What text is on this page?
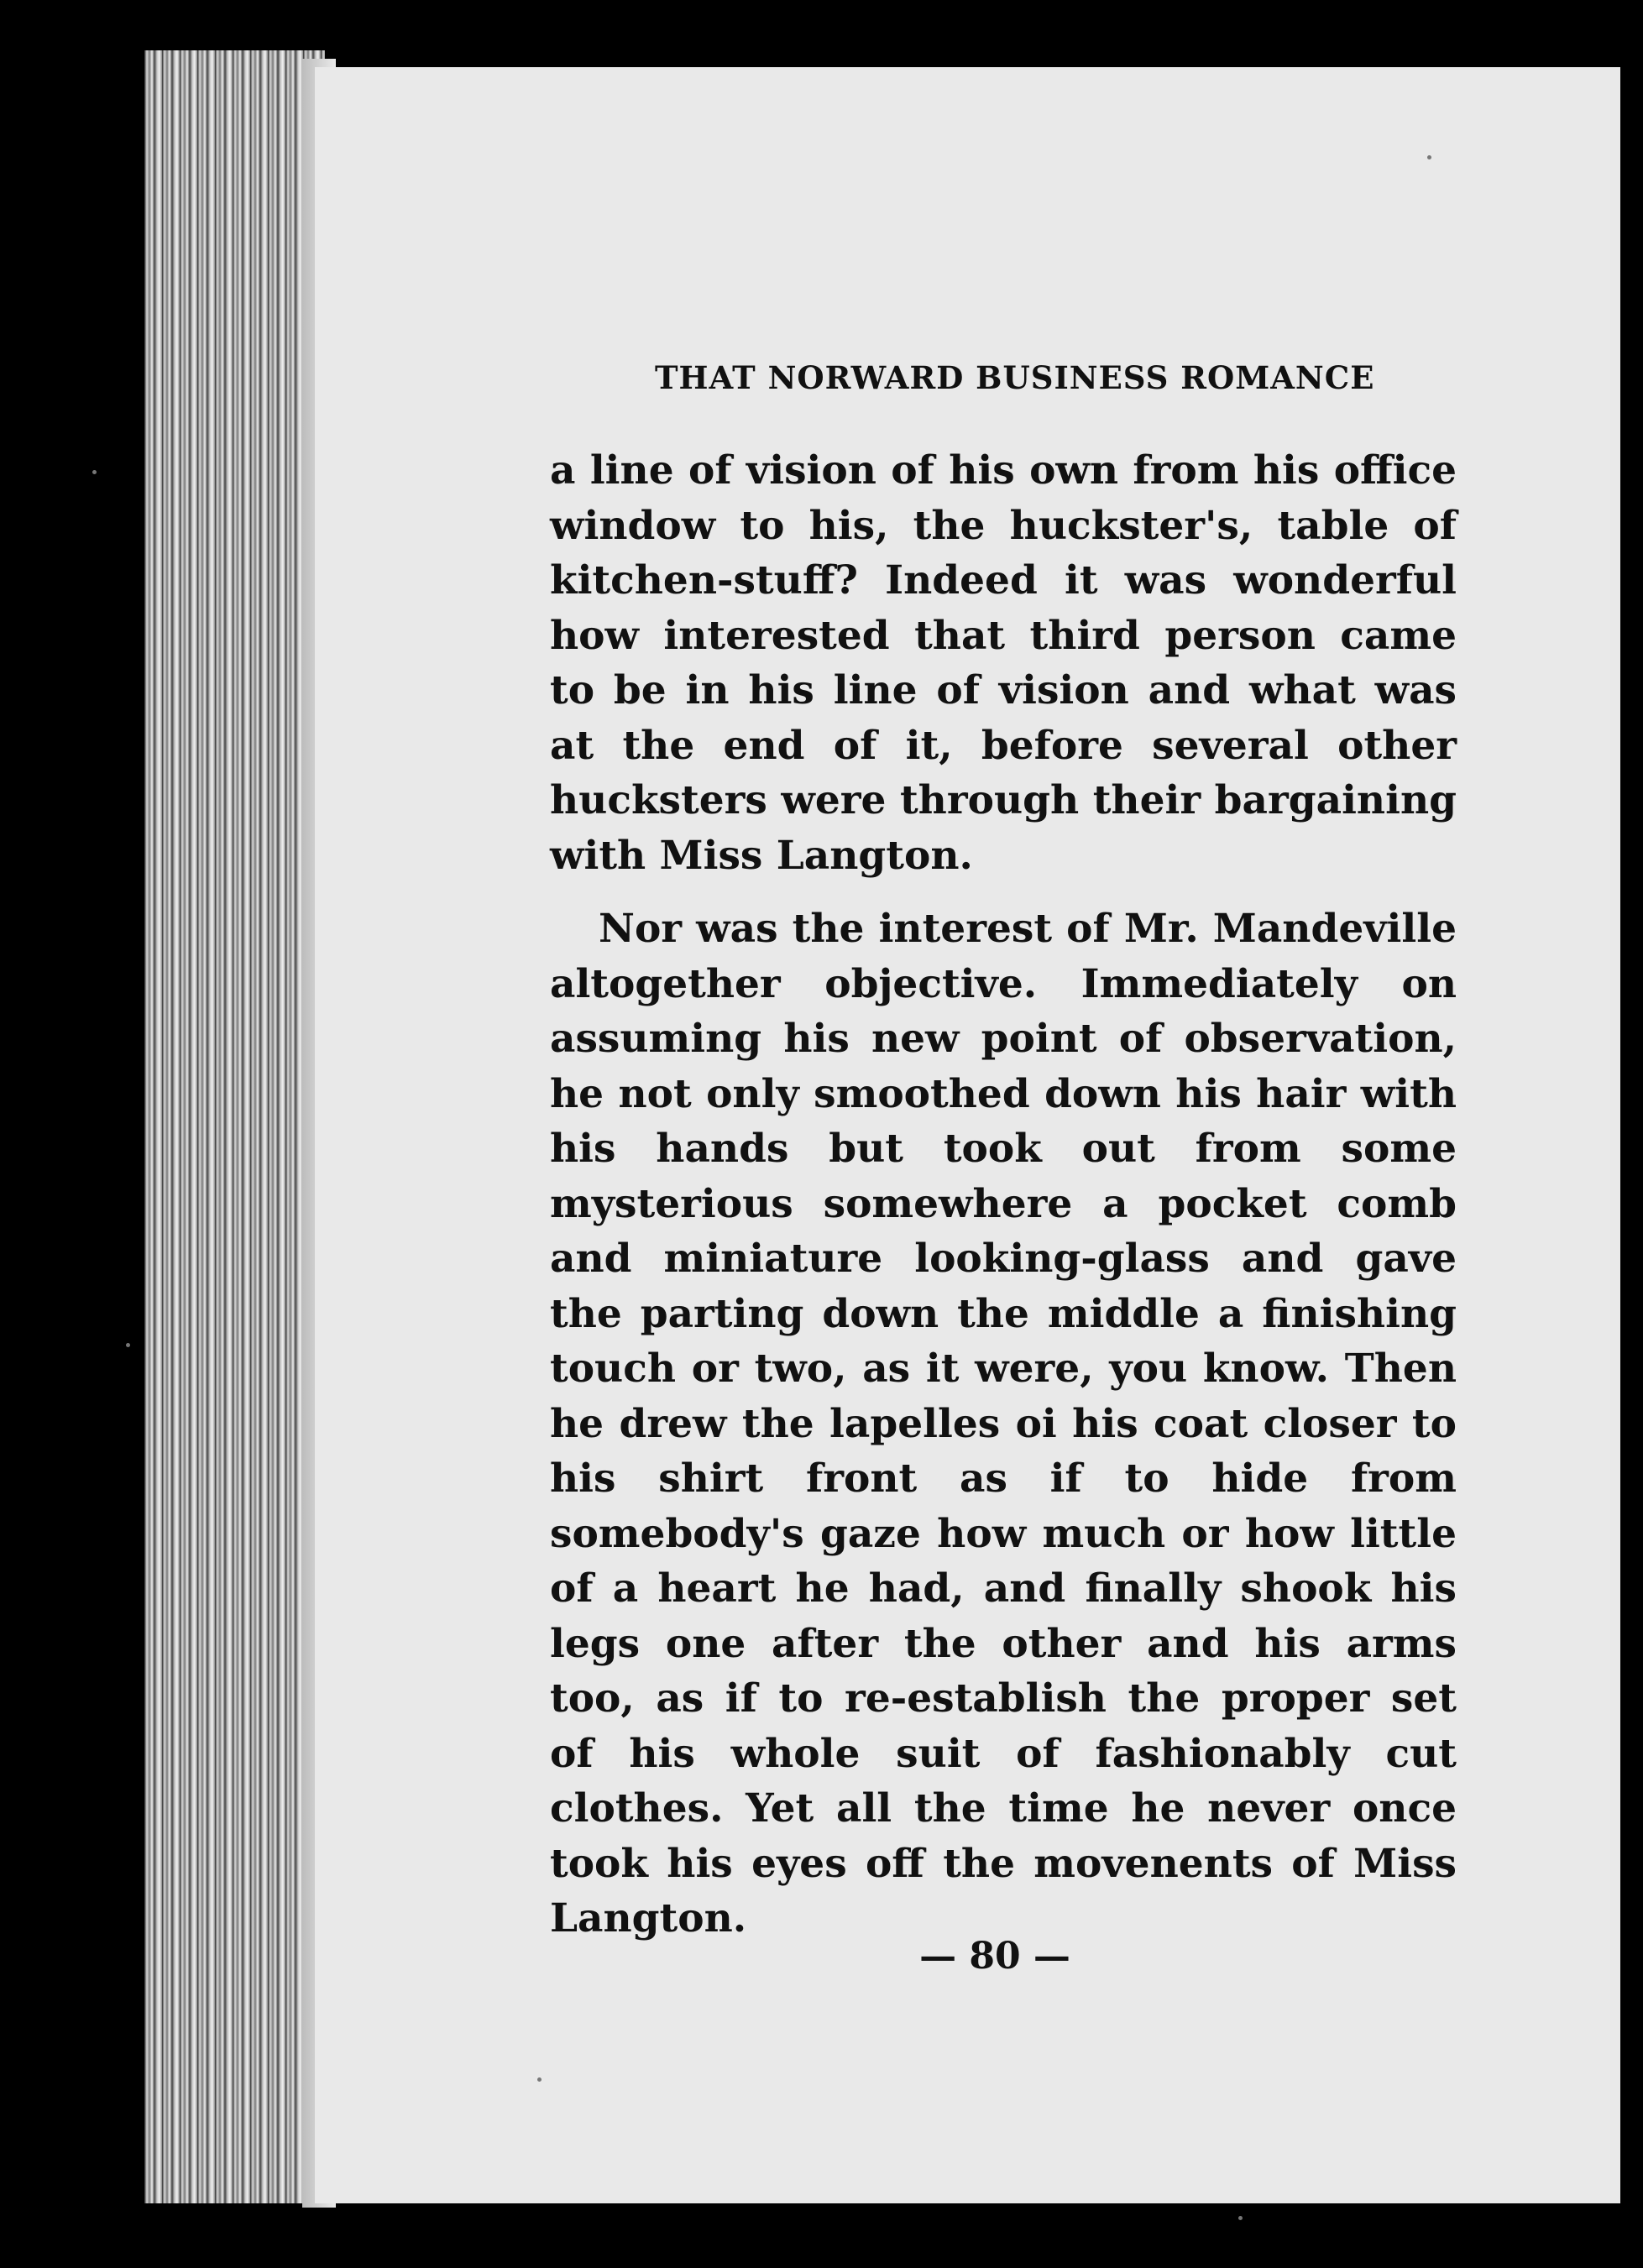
THAT NORWARD BUSINESS ROMANCE

a line of vision of his own from his office window to his, the huckster's, table of kitchen-stuff? Indeed it was wonderful how interested that third person came to be in his line of vision and what was at the end of it, before several other hucksters were through their bargaining with Miss Langton.

Nor was the interest of Mr. Mandeville altogether objective. Immediately on assuming his new point of observation, he not only smoothed down his hair with his hands but took out from some mysterious somewhere a pocket comb and miniature looking-glass and gave the parting down the middle a finishing touch or two, as it were, you know. Then he drew the lapelles oi his coat closer to his shirt front as if to hide from somebody's gaze how much or how little of a heart he had, and finally shook his legs one after the other and his arms too, as if to re-establish the proper set of his whole suit of fashionably cut clothes. Yet all the time he never once took his eyes off the movenents of Miss Langton.

— 80 —
